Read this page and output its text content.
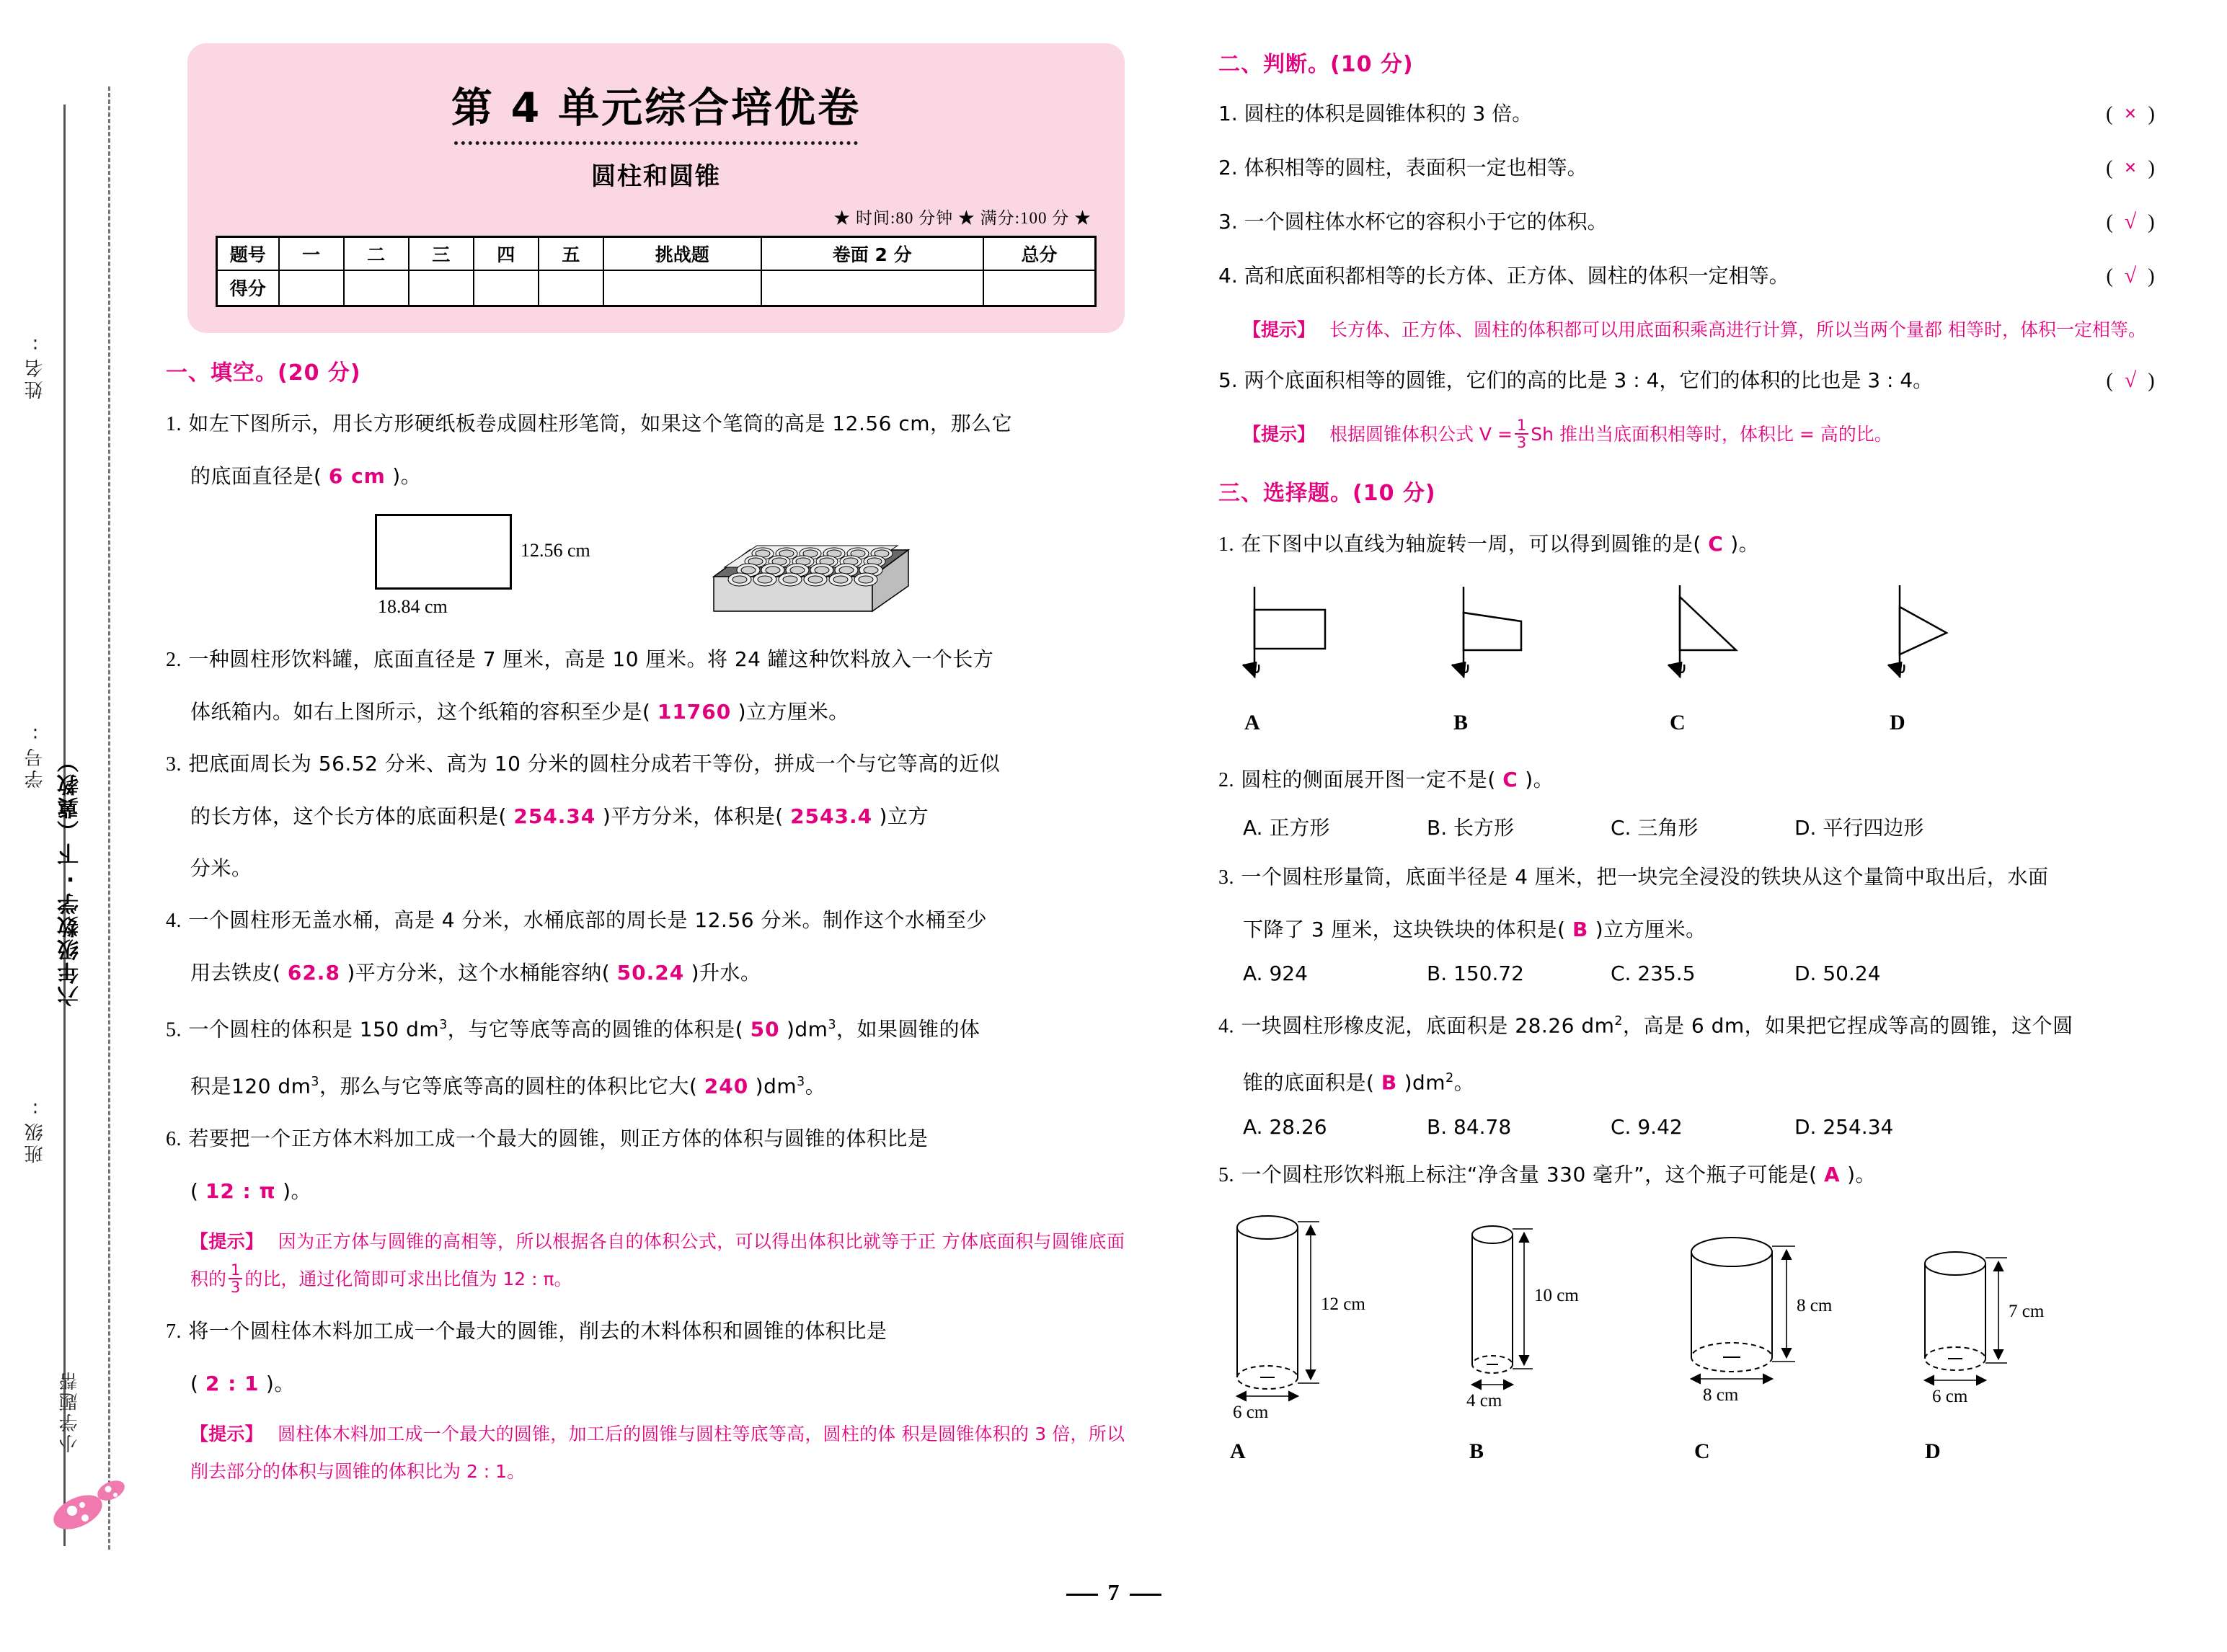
姓名:
学号:
班级:
六年级数学·下（冀教）
小学题帮
第 4 单元综合培优卷
圆柱和圆锥
★ 时间:80 分钟 ★ 满分:100 分 ★
题号	一	二	三	四	五	挑战题	卷面 2 分	总分
得分								
一、填空。(20 分)
1. 如左下图所示，用长方形硬纸板卷成圆柱形笔筒，如果这个笔筒的高是 12.56 cm，那么它
的底面直径是( 6 cm )。
12.56 cm
18.84 cm
2. 一种圆柱形饮料罐，底面直径是 7 厘米，高是 10 厘米。将 24 罐这种饮料放入一个长方
体纸箱内。如右上图所示，这个纸箱的容积至少是( 11760 )立方厘米。
3. 把底面周长为 56.52 分米、高为 10 分米的圆柱分成若干等份，拼成一个与它等高的近似
的长方体，这个长方体的底面积是( 254.34 )平方分米，体积是( 2543.4 )立方
分米。
4. 一个圆柱形无盖水桶，高是 4 分米，水桶底部的周长是 12.56 分米。制作这个水桶至少
用去铁皮( 62.8 )平方分米，这个水桶能容纳( 50.24 )升水。
5. 一个圆柱的体积是 150 $dm^3$，与它等底等高的圆锥的体积是( 50 )$dm^3$，如果圆锥的体
积是120 $dm^3$，那么与它等底等高的圆柱的体积比它大( 240 )$dm^3$。
6. 若要把一个正方体木料加工成一个最大的圆锥，则正方体的体积与圆锥的体积比是
( 12 : π )。
【提示】 因为正方体与圆锥的高相等，所以根据各自的体积公式，可以得出体积比就等于正 方体底面积与圆锥底面积的 $\frac{1}{3}$ 的比，通过化简即可求出比值为 12 : π。
7. 将一个圆柱体木料加工成一个最大的圆锥，削去的木料体积和圆锥的体积比是
( 2 : 1 )。
【提示】 圆柱体木料加工成一个最大的圆锥，加工后的圆锥与圆柱等底等高，圆柱的体 积是圆锥体积的 3 倍，所以削去部分的体积与圆锥的体积比为 2 : 1。
二、判断。(10 分)
1. 圆柱的体积是圆锥体积的 3 倍。	( × )
2. 体积相等的圆柱，表面积一定也相等。	( × )
3. 一个圆柱体水杯它的容积小于它的体积。	( √ )
4. 高和底面积都相等的长方体、正方体、圆柱的体积一定相等。	( √ )
【提示】 长方体、正方体、圆柱的体积都可以用底面积乘高进行计算，所以当两个量都 相等时，体积一定相等。
5. 两个底面积相等的圆锥，它们的高的比是 3 : 4，它们的体积的比也是 3 : 4。	( √ )
【提示】 根据圆锥体积公式 $V = \frac{1}{3}$ Sh 推出当底面积相等时，体积比 = 高的比。
三、选择题。(10 分)
1. 在下图中以直线为轴旋转一周，可以得到圆锥的是( C )。
A	B	C	D
2. 圆柱的侧面展开图一定不是( C )。
A. 正方形	B. 长方形	C. 三角形	D. 平行四边形
3. 一个圆柱形量筒，底面半径是 4 厘米，把一块完全浸没的铁块从这个量筒中取出后，水面
下降了 3 厘米，这块铁块的体积是( B )立方厘米。
A. 924	B. 150.72	C. 235.5	D. 50.24
4. 一块圆柱形橡皮泥，底面积是 28.26 $dm^2$，高是 6 dm，如果把它捏成等高的圆锥，这个圆
锥的底面积是( B )$dm^2$。
A. 28.26	B. 84.78	C. 9.42	D. 254.34
5. 一个圆柱形饮料瓶上标注“净含量 330 毫升”，这个瓶子可能是( A )。
12 cm
6 cm
10 cm
4 cm
8 cm
8 cm
7 cm
6 cm
A	B	C	D
7
